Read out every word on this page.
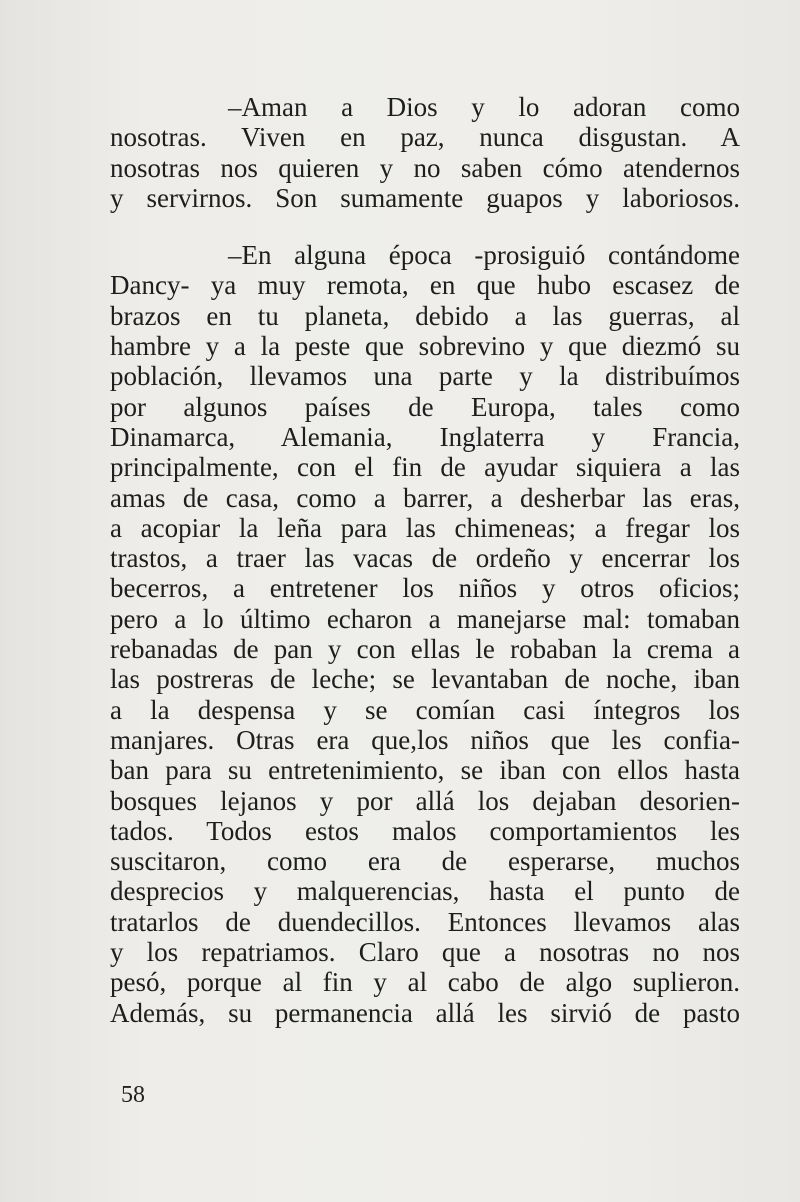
–Aman a Dios y lo adoran como
nosotras. Viven en paz, nunca disgustan. A
nosotras nos quieren y no saben cómo atendernos
y servirnos. Son sumamente guapos y laboriosos.
–En alguna época -prosiguió contándome
Dancy- ya muy remota, en que hubo escasez de
brazos en tu planeta, debido a las guerras, al
hambre y a la peste que sobrevino y que diezmó su
población, llevamos una parte y la distribuímos
por algunos países de Europa, tales como
Dinamarca, Alemania, Inglaterra y Francia,
principalmente, con el fin de ayudar siquiera a las
amas de casa, como a barrer, a desherbar las eras,
a acopiar la leña para las chimeneas; a fregar los
trastos, a traer las vacas de ordeño y encerrar los
becerros, a entretener los niños y otros oficios;
pero a lo último echaron a manejarse mal: tomaban
rebanadas de pan y con ellas le robaban la crema a
las postreras de leche; se levantaban de noche, iban
a la despensa y se comían casi íntegros los
manjares. Otras era que,los niños que les confia-
ban para su entretenimiento, se iban con ellos hasta
bosques lejanos y por allá los dejaban desorien-
tados. Todos estos malos comportamientos les
suscitaron, como era de esperarse, muchos
desprecios y malquerencias, hasta el punto de
tratarlos de duendecillos. Entonces llevamos alas
y los repatriamos. Claro que a nosotras no nos
pesó, porque al fin y al cabo de algo suplieron.
Además, su permanencia allá les sirvió de pasto
58
